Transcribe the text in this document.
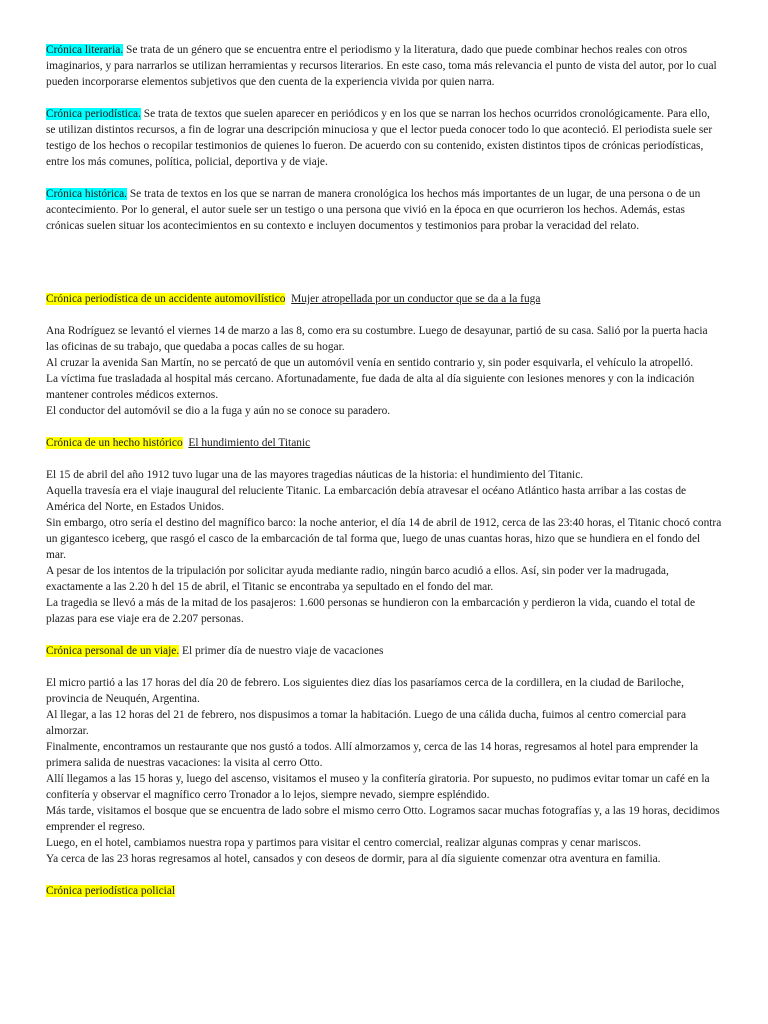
Crónica literaria. Se trata de un género que se encuentra entre el periodismo y la literatura, dado que puede combinar hechos reales con otros imaginarios, y para narrarlos se utilizan herramientas y recursos literarios. En este caso, toma más relevancia el punto de vista del autor, por lo cual pueden incorporarse elementos subjetivos que den cuenta de la experiencia vivida por quien narra.

Crónica periodística. Se trata de textos que suelen aparecer en periódicos y en los que se narran los hechos ocurridos cronológicamente. Para ello, se utilizan distintos recursos, a fin de lograr una descripción minuciosa y que el lector pueda conocer todo lo que aconteció. El periodista suele ser testigo de los hechos o recopilar testimonios de quienes lo fueron. De acuerdo con su contenido, existen distintos tipos de crónicas periodísticas, entre los más comunes, política, policial, deportiva y de viaje.

Crónica histórica. Se trata de textos en los que se narran de manera cronológica los hechos más importantes de un lugar, de una persona o de un acontecimiento. Por lo general, el autor suele ser un testigo o una persona que vivió en la época en que ocurrieron los hechos. Además, estas crónicas suelen situar los acontecimientos en su contexto e incluyen documentos y testimonios para probar la veracidad del relato.

Crónica periodística de un accidente automovilístico Mujer atropellada por un conductor que se da a la fuga

Ana Rodríguez se levantó el viernes 14 de marzo a las 8, como era su costumbre. Luego de desayunar, partió de su casa. Salió por la puerta hacia las oficinas de su trabajo, que quedaba a pocas calles de su hogar.

Al cruzar la avenida San Martín, no se percató de que un automóvil venía en sentido contrario y, sin poder esquivarla, el vehículo la atropelló.

La víctima fue trasladada al hospital más cercano. Afortunadamente, fue dada de alta al día siguiente con lesiones menores y con la indicación mantener controles médicos externos.

El conductor del automóvil se dio a la fuga y aún no se conoce su paradero.

Crónica de un hecho histórico El hundimiento del Titanic

El 15 de abril del año 1912 tuvo lugar una de las mayores tragedias náuticas de la historia: el hundimiento del Titanic.

Aquella travesía era el viaje inaugural del reluciente Titanic. La embarcación debía atravesar el océano Atlántico hasta arribar a las costas de América del Norte, en Estados Unidos.

Sin embargo, otro sería el destino del magnífico barco: la noche anterior, el día 14 de abril de 1912, cerca de las 23:40 horas, el Titanic chocó contra un gigantesco iceberg, que rasgó el casco de la embarcación de tal forma que, luego de unas cuantas horas, hizo que se hundiera en el fondo del mar.

A pesar de los intentos de la tripulación por solicitar ayuda mediante radio, ningún barco acudió a ellos. Así, sin poder ver la madrugada, exactamente a las 2.20 h del 15 de abril, el Titanic se encontraba ya sepultado en el fondo del mar.

La tragedia se llevó a más de la mitad de los pasajeros: 1.600 personas se hundieron con la embarcación y perdieron la vida, cuando el total de plazas para ese viaje era de 2.207 personas.

Crónica personal de un viaje. El primer día de nuestro viaje de vacaciones

El micro partió a las 17 horas del día 20 de febrero. Los siguientes diez días los pasaríamos cerca de la cordillera, en la ciudad de Bariloche, provincia de Neuquén, Argentina.

Al llegar, a las 12 horas del 21 de febrero, nos dispusimos a tomar la habitación. Luego de una cálida ducha, fuimos al centro comercial para almorzar.

Finalmente, encontramos un restaurante que nos gustó a todos. Allí almorzamos y, cerca de las 14 horas, regresamos al hotel para emprender la primera salida de nuestras vacaciones: la visita al cerro Otto.

Allí llegamos a las 15 horas y, luego del ascenso, visitamos el museo y la confitería giratoria. Por supuesto, no pudimos evitar tomar un café en la confitería y observar el magnífico cerro Tronador a lo lejos, siempre nevado, siempre espléndido.

Más tarde, visitamos el bosque que se encuentra de lado sobre el mismo cerro Otto. Logramos sacar muchas fotografías y, a las 19 horas, decidimos emprender el regreso.

Luego, en el hotel, cambiamos nuestra ropa y partimos para visitar el centro comercial, realizar algunas compras y cenar mariscos.

Ya cerca de las 23 horas regresamos al hotel, cansados y con deseos de dormir, para al día siguiente comenzar otra aventura en familia.

Crónica periodística policial
